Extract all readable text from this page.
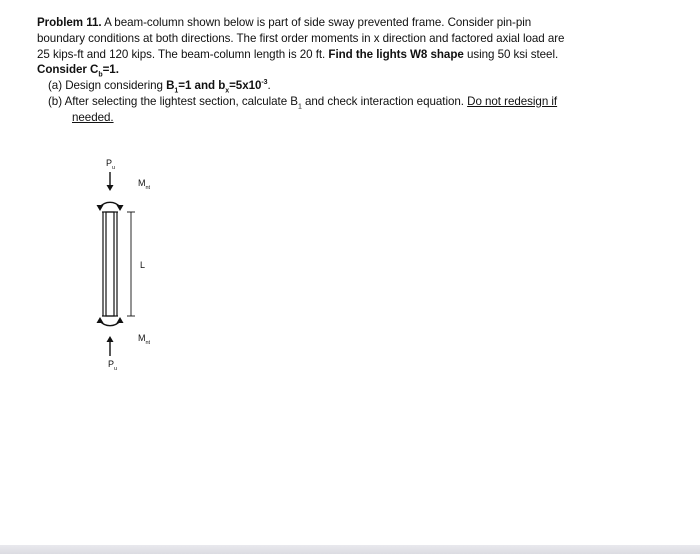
Problem 11. A beam-column shown below is part of side sway prevented frame. Consider pin-pin
boundary conditions at both directions. The first order moments in x direction and factored axial load are
25 kips-ft and 120 kips. The beam-column length is 20 ft. Find the lights W8 shape using 50 ksi steel.
Consider $C_b=1$.
(a) Design considering $B_1=1$ and $b_x=5x10^{-3}$.
(b) After selecting the lightest section, calculate $B_1$ and check interaction equation. Do not redesign if
needed.
$P_u$
$M_{nt}$
L
$M_{nt}$
$P_u$
